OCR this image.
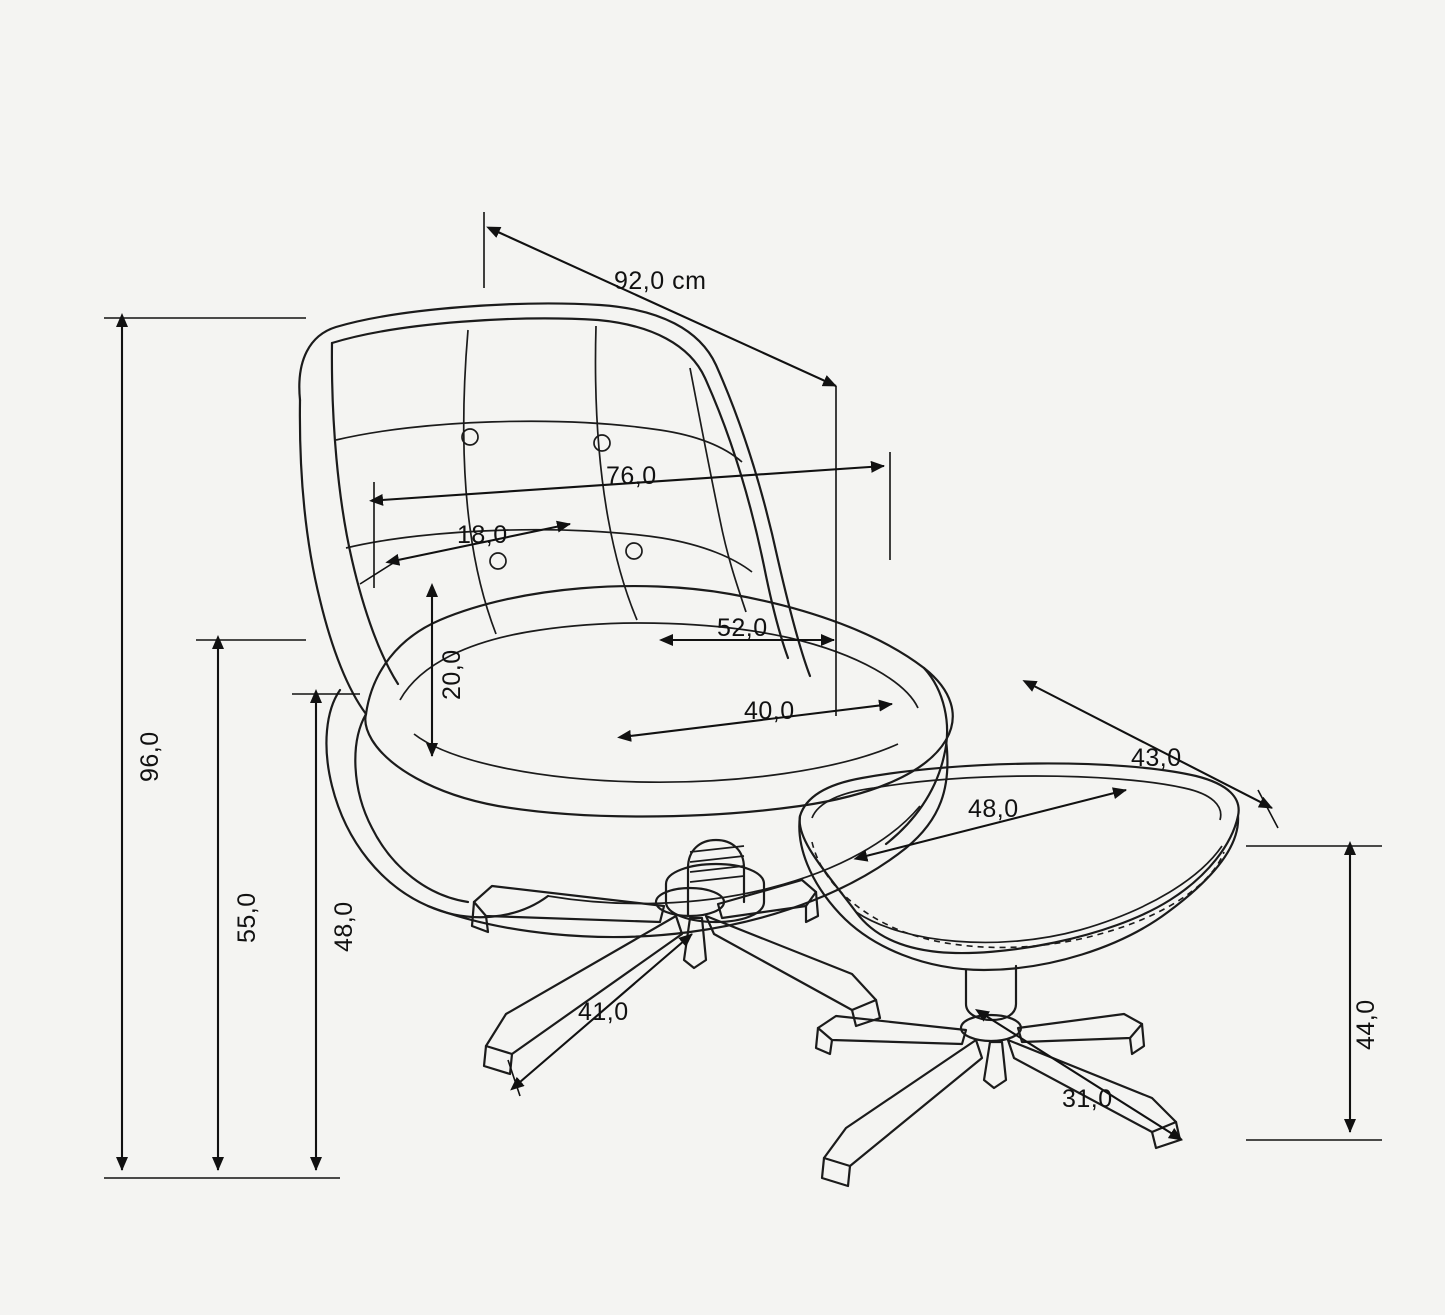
92,0 cm
76,0
18,0
52,0
40,0
20,0
96,0
55,0	48,0
41,0
43,0
48,0
44,0
31,0
